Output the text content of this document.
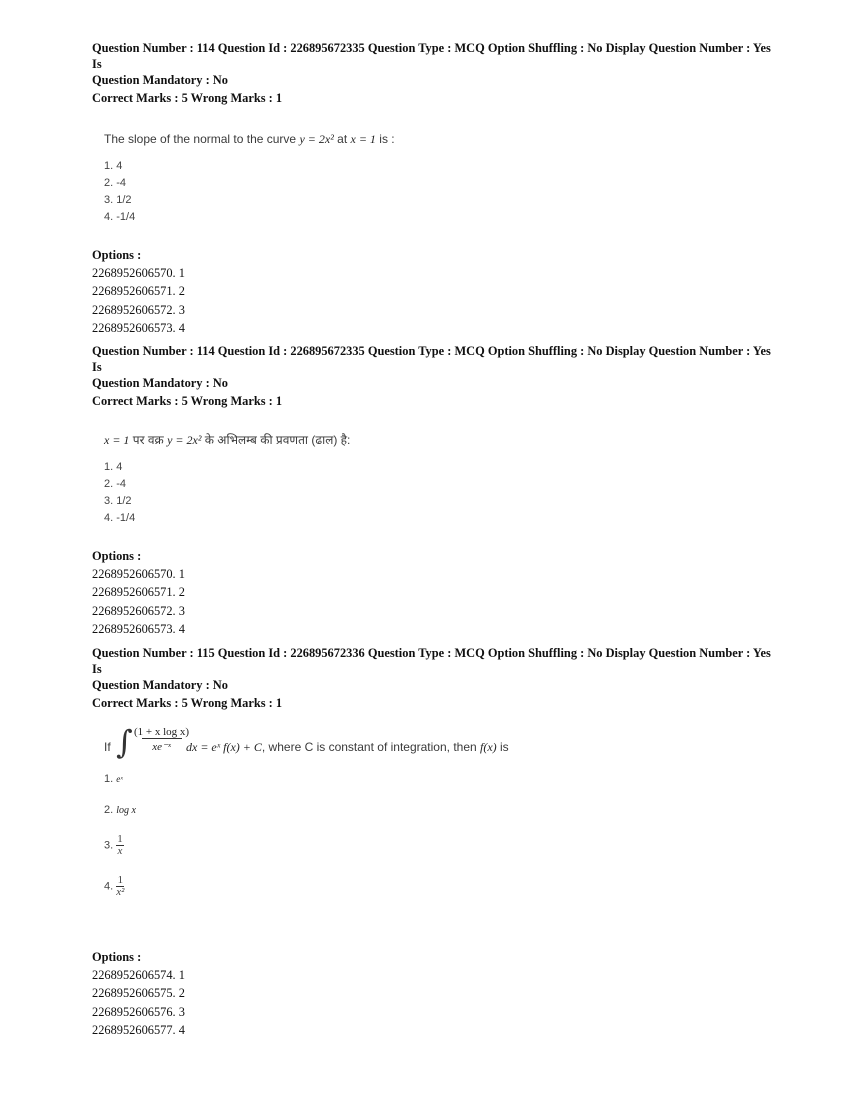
Question Number : 114 Question Id : 226895672335 Question Type : MCQ Option Shuffling : No Display Question Number : Yes Is
Question Mandatory : No
Correct Marks : 5 Wrong Marks : 1
The slope of the normal to the curve y = 2x² at x = 1 is :
1. 4
2. -4
3. 1/2
4. -1/4
Options :
2268952606570. 1
2268952606571. 2
2268952606572. 3
2268952606573. 4
Question Number : 114 Question Id : 226895672335 Question Type : MCQ Option Shuffling : No Display Question Number : Yes Is
Question Mandatory : No
Correct Marks : 5 Wrong Marks : 1
x = 1 पर वक्र y = 2x² के अभिलम्ब की प्रवणता (ढाल) है:
1. 4
2. -4
3. 1/2
4. -1/4
Options :
2268952606570. 1
2268952606571. 2
2268952606572. 3
2268952606573. 4
Question Number : 115 Question Id : 226895672336 Question Type : MCQ Option Shuffling : No Display Question Number : Yes Is
Question Mandatory : No
Correct Marks : 5 Wrong Marks : 1
If ∫ $\frac{\text{(1 + x log x)}}{\text{xe⁻ˣ}}$
dx = eˣ f(x) + C, where C is constant of integration, then f(x) is
1. eˣ
2. log x
3. $\frac{1}{x}$
4. $\frac{1}{\text{x²}}$
Options :
2268952606574. 1
2268952606575. 2
2268952606576. 3
2268952606577. 4
